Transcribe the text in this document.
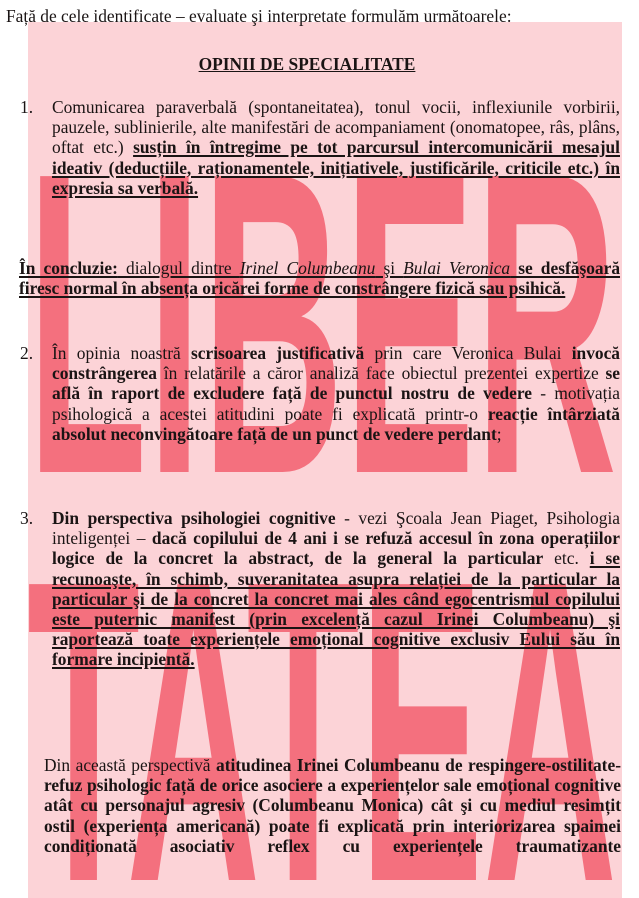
LIBER
TATEA
Față de cele identificate – evaluate şi interpretate formulăm următoarele:
OPINII DE SPECIALITATE
1.	Comunicarea paraverbală (spontaneitatea), tonul vocii, inflexiunile vorbirii, pauzele, sublinierile, alte manifestări de acompaniament (onomatopee, râs, plâns, oftat etc.) susțin în întregime pe tot parcursul intercomunicării mesajul ideativ (deducțiile, raționamentele, inițiativele, justificările, criticile etc.) în expresia sa verbală.
În concluzie: dialogul dintre Irinel Columbeanu şi Bulai Veronica se desfăşoară firesc normal în absența oricărei forme de constrângere fizică sau psihică.
2.	În opinia noastră scrisoarea justificativă prin care Veronica Bulai invocă constrângerea în relatările a căror analiză face obiectul prezentei expertize se află în raport de excludere față de punctul nostru de vedere - motivația psihologică a acestei atitudini poate fi explicată printr-o reacție întârziată absolut neconvingătoare față de un punct de vedere perdant;
3.	Din perspectiva psihologiei cognitive - vezi Şcoala Jean Piaget, Psihologia inteligenței – dacă copilului de 4 ani i se refuză accesul în zona operațiilor logice de la concret la abstract, de la general la particular etc. i se recunoaşte, în schimb, suveranitatea asupra relației de la particular la particular şi de la concret la concret mai ales când egocentrismul copilului este puternic manifest (prin excelență cazul Irinei Columbeanu) şi raportează toate experiențele emoțional cognitive exclusiv Eului său în formare incipientă.
Din această perspectivă atitudinea Irinei Columbeanu de respingere-ostilitate-refuz psihologic față de orice asociere a experiențelor sale emoțional cognitive atât cu personajul agresiv (Columbeanu Monica) cât şi cu mediul resimțit ostil (experiența americană) poate fi explicată prin interiorizarea spaimei condiționată asociativ reflex cu experiențele traumatizante
